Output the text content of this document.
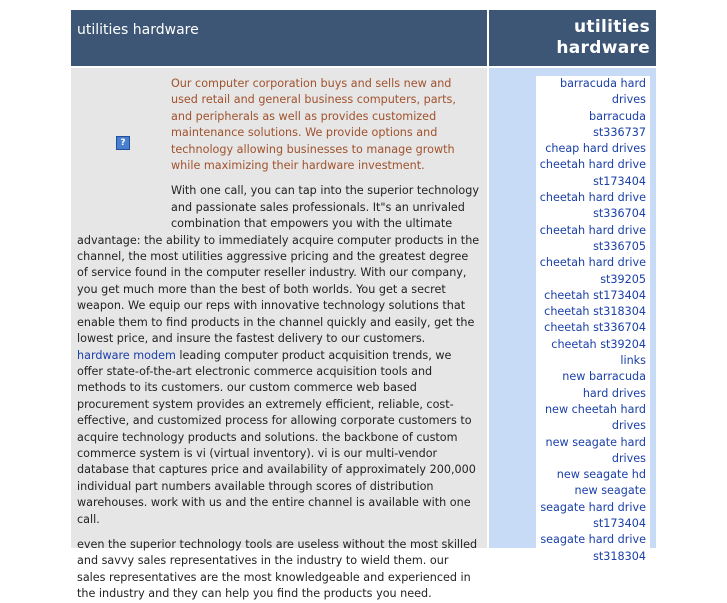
utilities hardware	utilities hardware
?

Our computer corporation buys and sells new and used retail and general business computers, parts, and peripherals as well as provides customized maintenance solutions. We provide options and technology allowing businesses to manage growth while maximizing their hardware investment.

With one call, you can tap into the superior technology and passionate sales professionals. It"s an unrivaled combination that empowers you with the ultimate advantage: the ability to immediately acquire computer products in the channel, the most utilities aggressive pricing and the greatest degree of service found in the computer reseller industry. With our company, you get much more than the best of both worlds. You get a secret weapon. We equip our reps with innovative technology solutions that enable them to find products in the channel quickly and easily, get the lowest price, and insure the fastest delivery to our customers. hardware modem leading computer product acquisition trends, we offer state-of-the-art electronic commerce acquisition tools and methods to its customers. our custom commerce web based procurement system provides an extremely efficient, reliable, cost-effective, and customized process for allowing corporate customers to acquire technology products and solutions. the backbone of custom commerce system is vi (virtual inventory). vi is our multi-vendor database that captures price and availability of approximately 200,000 individual part numbers available through scores of distribution warehouses. work with us and the entire channel is available with one call.

even the superior technology tools are useless without the most skilled and savvy sales representatives in the industry to wield them. our sales representatives are the most knowledgeable and experienced in the industry and they can help you find the products you need.

barracuda hard drives
barracuda st336737
cheap hard drives
cheetah hard drive st173404
cheetah hard drive st336704
cheetah hard drive st336705
cheetah hard drive st39205
cheetah st173404
cheetah st318304
cheetah st336704
cheetah st39204 links
new barracuda hard drives
new cheetah hard drives
new seagate hard drives
new seagate hd
new seagate
seagate hard drive st173404
seagate hard drive st318304
